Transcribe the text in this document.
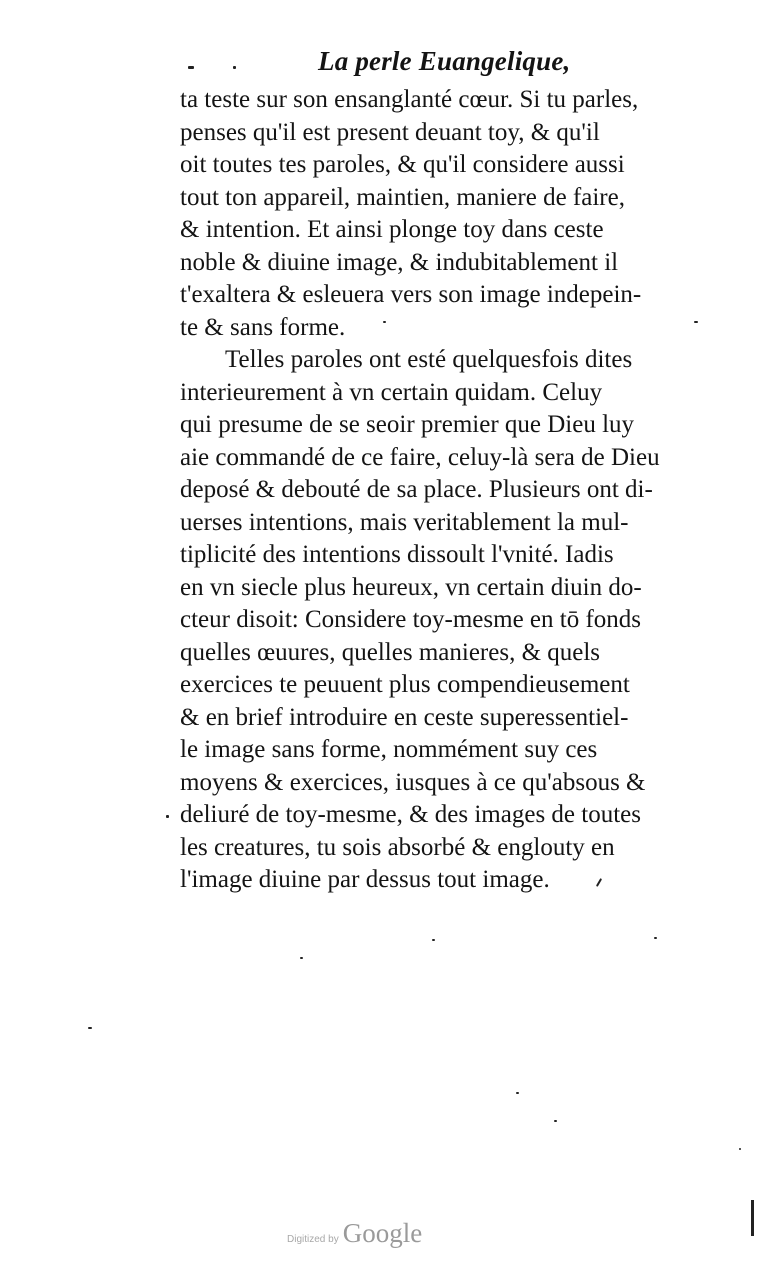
La perle Euangelique,
ta teste sur son ensanglanté cœur. Si tu parles,
penses qu'il est present deuant toy, & qu'il
oit toutes tes paroles, & qu'il considere aussi
tout ton appareil, maintien, maniere de faire,
& intention. Et ainsi plonge toy dans ceste
noble & diuine image, & indubitablement il
t'exaltera & esleuera vers son image indepein-
te & sans forme.
Telles paroles ont esté quelquesfois dites
interieurement à vn certain quidam. Celuy
qui presume de se seoir premier que Dieu luy
aie commandé de ce faire, celuy-là sera de Dieu
deposé & debouté de sa place. Plusieurs ont di-
uerses intentions, mais veritablement la mul-
tiplicité des intentions dissoult l'vnité. Iadis
en vn siecle plus heureux, vn certain diuin do-
cteur disoit: Considere toy-mesme en tō fonds
quelles œuures, quelles manieres, & quels
exercices te peuuent plus compendieusement
& en brief introduire en ceste superessentiel-
le image sans forme, nommément suy ces
moyens & exercices, iusques à ce qu'absous &
deliuré de toy-mesme, & des images de toutes
les creatures, tu sois absorbé & englouty en
l'image diuine par dessus tout image.
Digitized by Google
